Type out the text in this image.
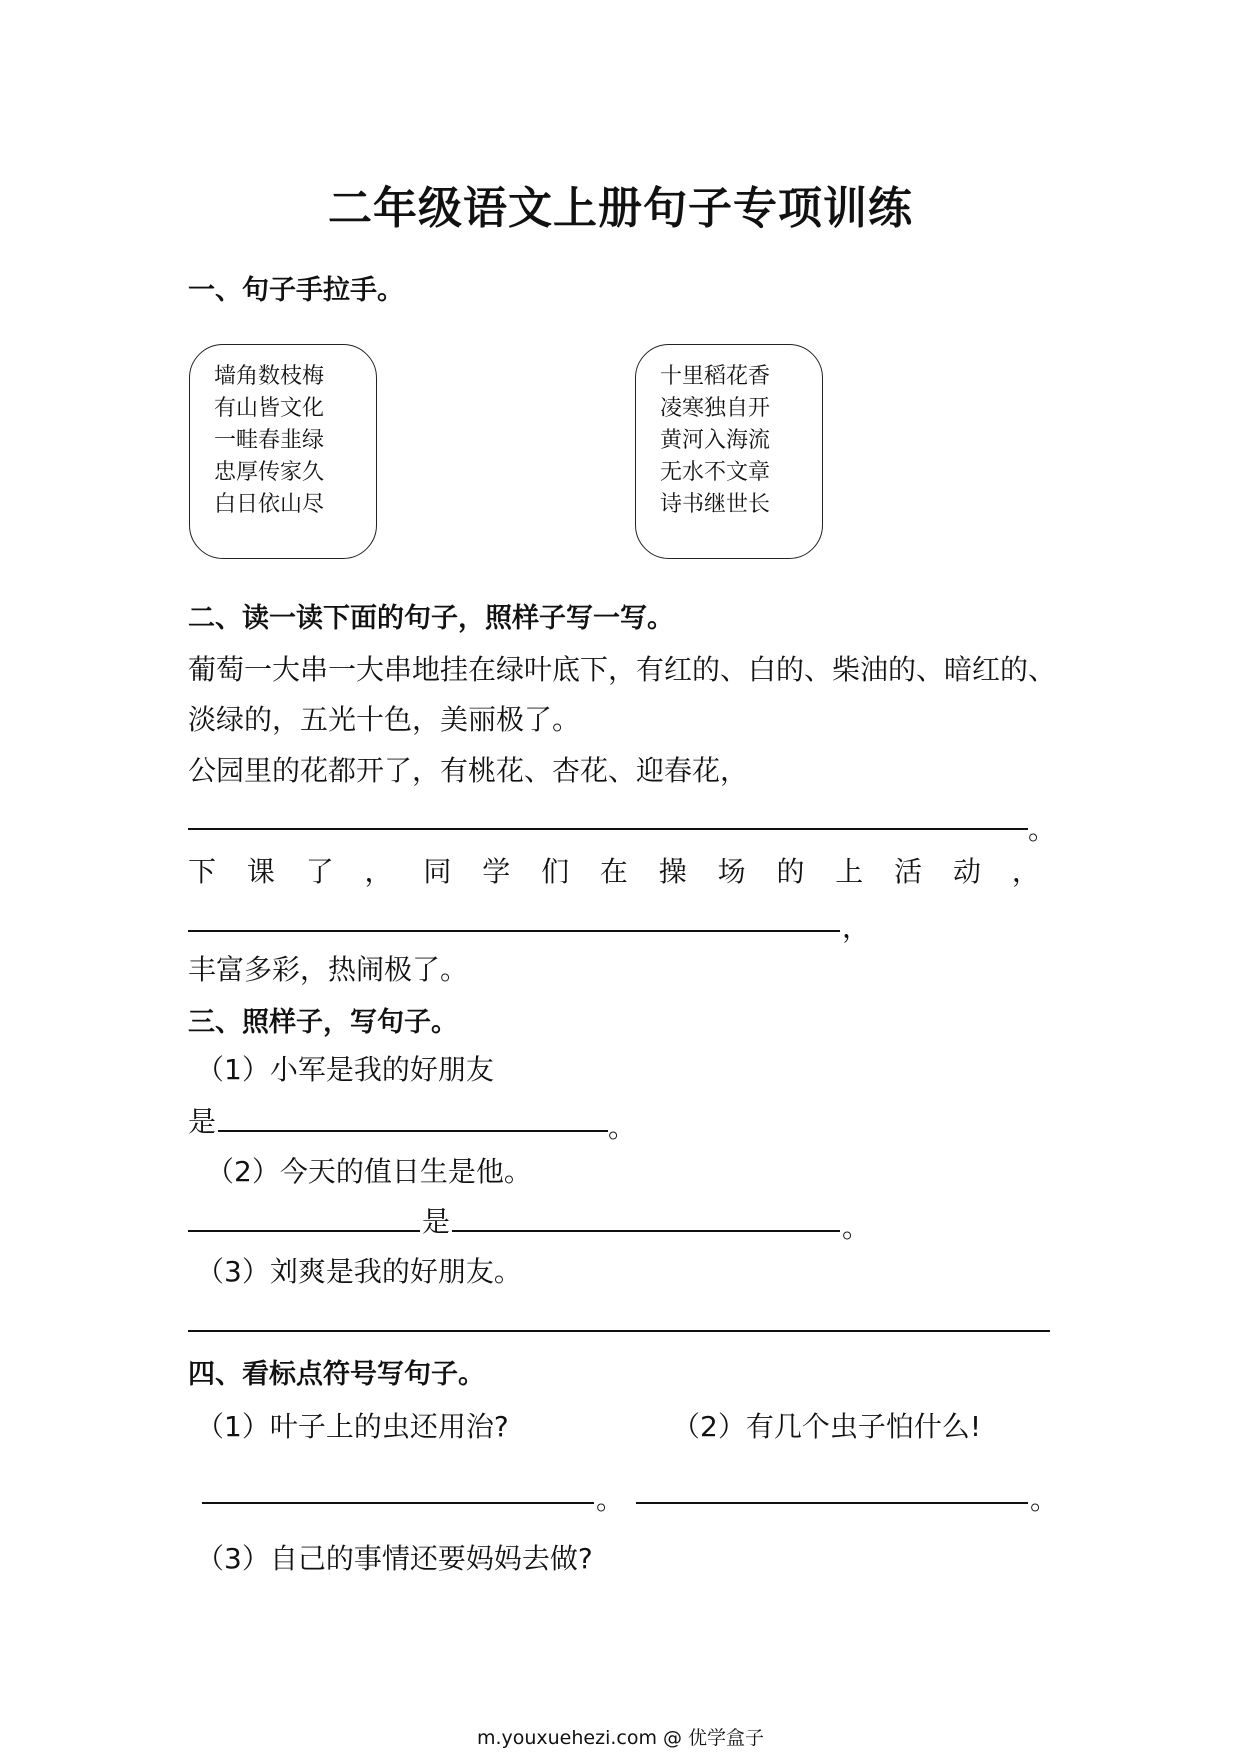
二年级语文上册句子专项训练
一、句子手拉手。
墙角数枝梅
有山皆文化
一畦春韭绿
忠厚传家久
白日依山尽
十里稻花香
凌寒独自开
黄河入海流
无水不文章
诗书继世长
二、读一读下面的句子，照样子写一写。
葡萄一大串一大串地挂在绿叶底下，有红的、白的、柴油的、暗红的、
淡绿的，五光十色，美丽极了。
公园里的花都开了，有桃花、杏花、迎春花，
。
下 课 了 ， 同 学 们 在 操 场 的 上 活 动 ，
，
丰富多彩，热闹极了。
三、照样子，写句子。
（1）小军是我的好朋友
是	。
（2）今天的值日生是他。
是	。
（3）刘爽是我的好朋友。
四、看标点符号写句子。
（1）叶子上的虫还用治?	（2）有几个虫子怕什么!
。	。
（3）自己的事情还要妈妈去做?
m.youxuehezi.com @ 优学盒子
